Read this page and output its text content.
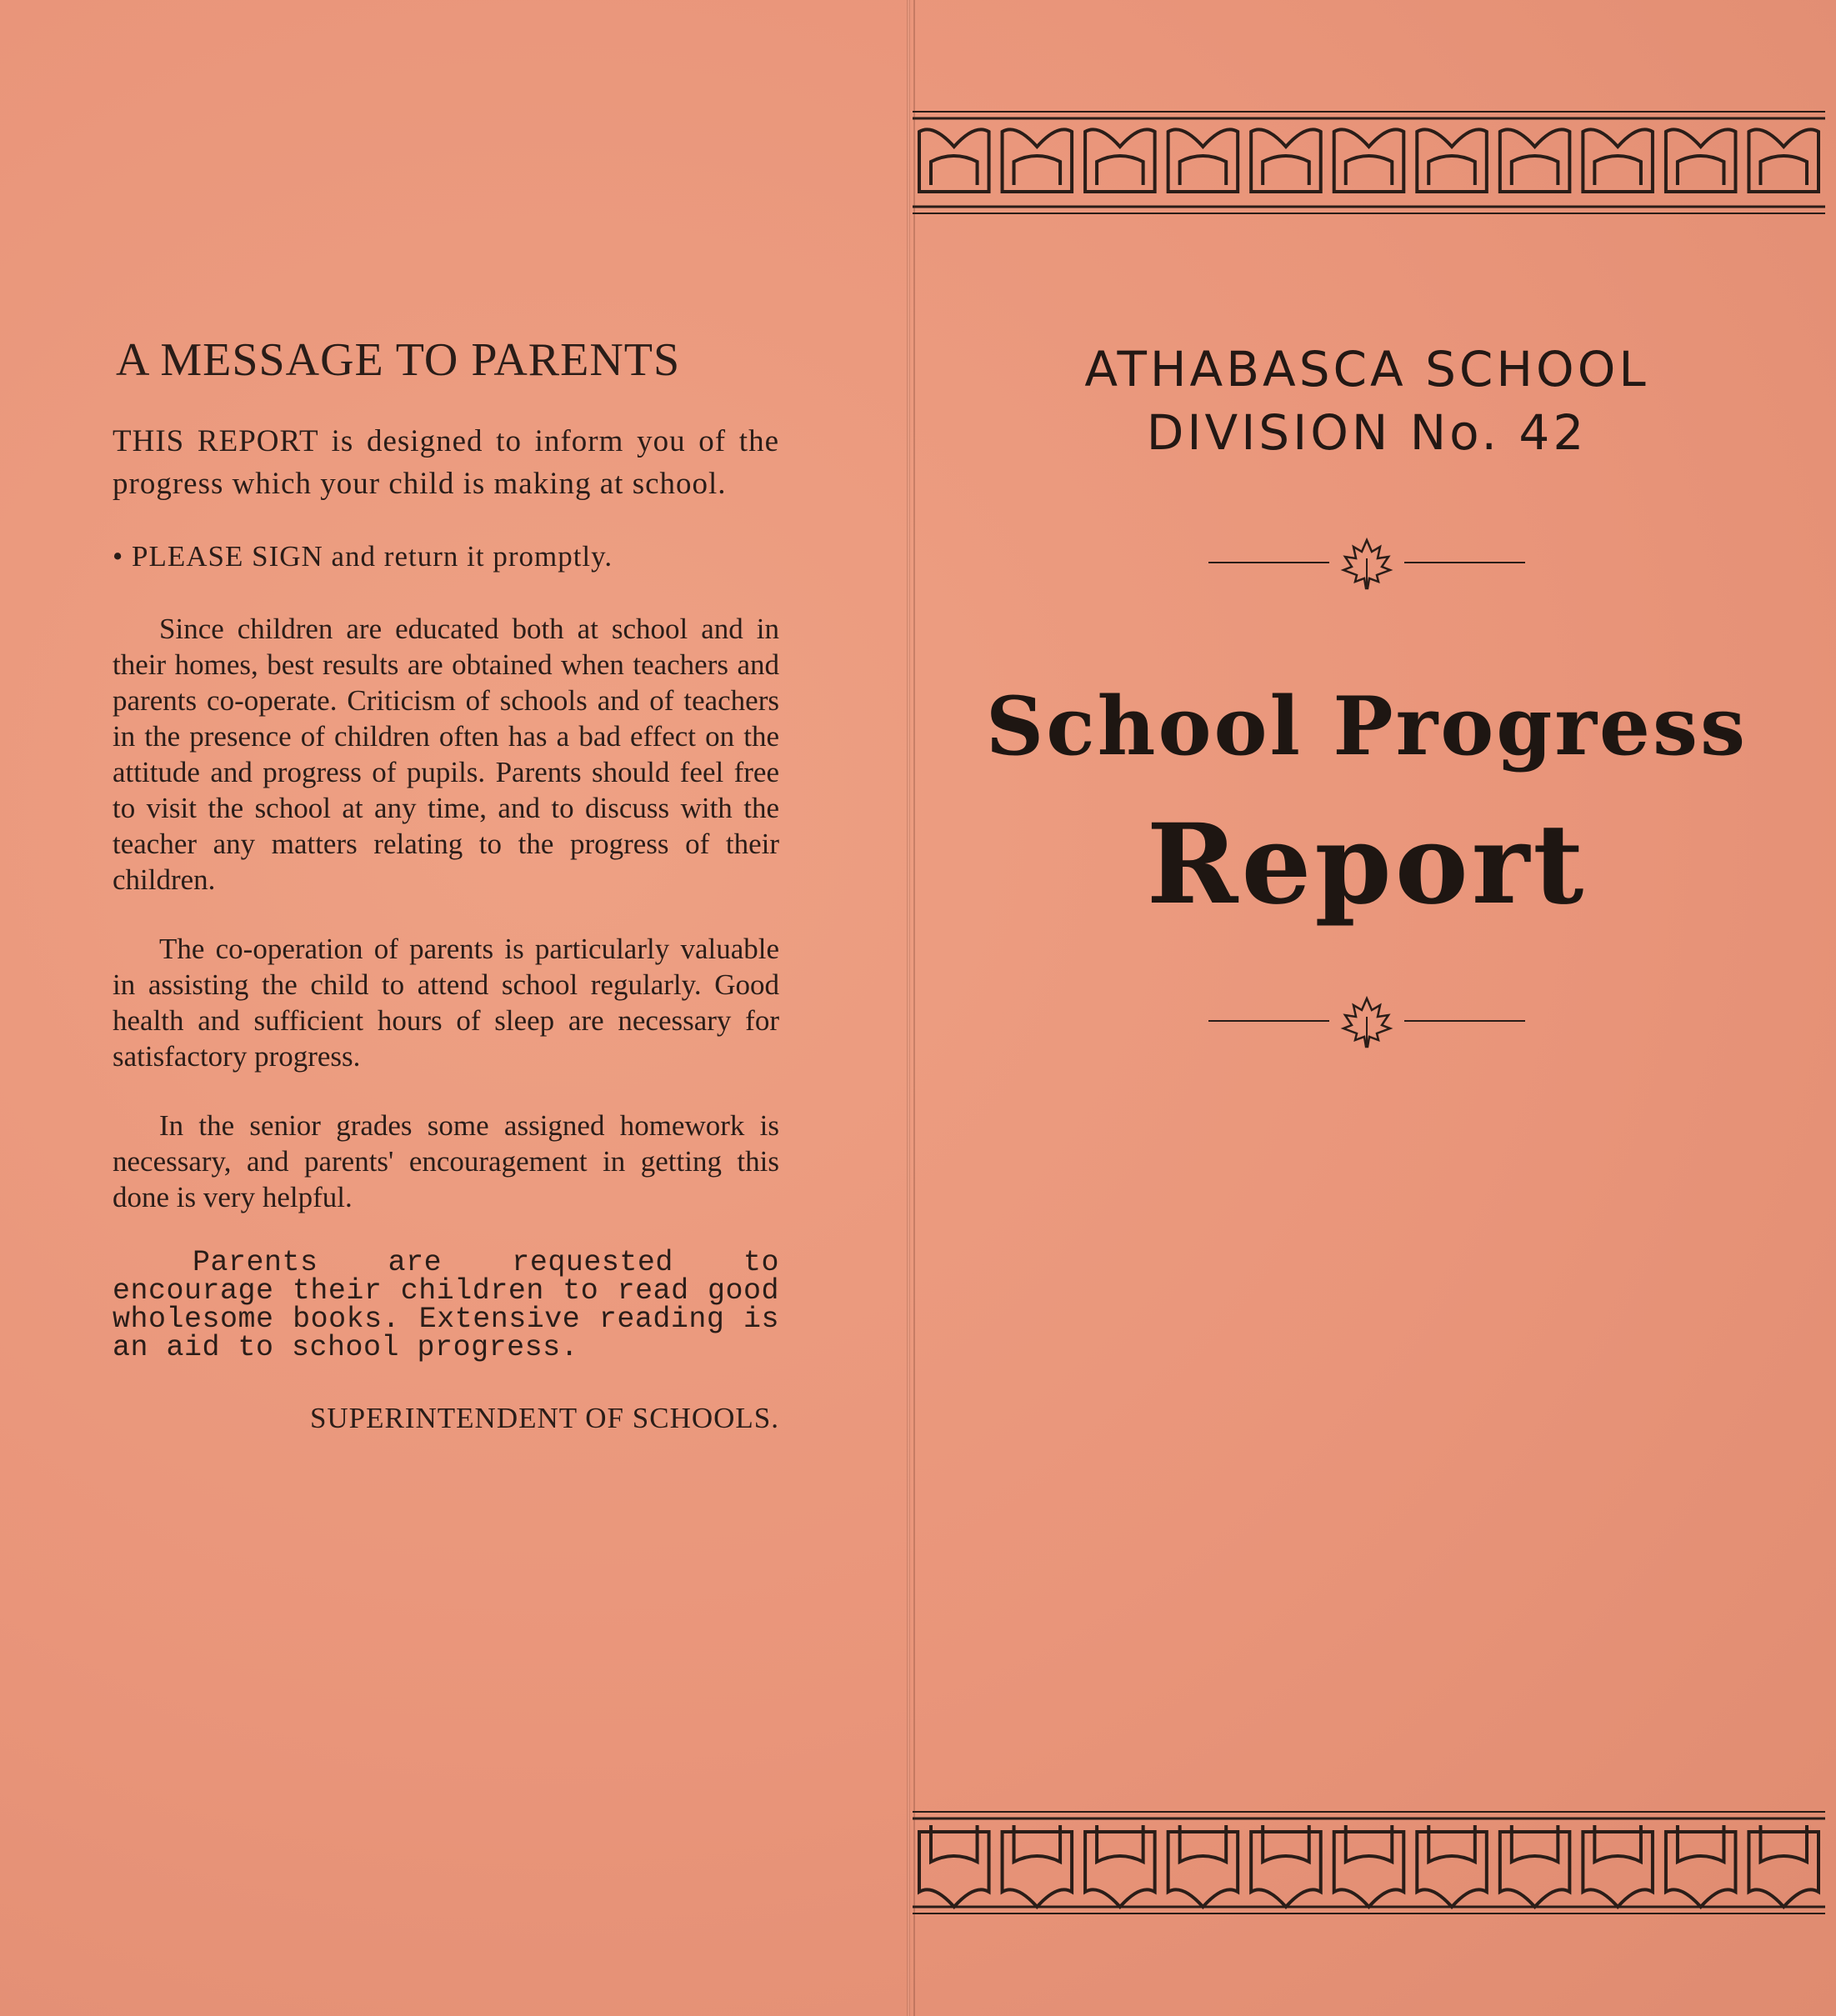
A MESSAGE TO PARENTS

THIS REPORT is designed to inform you of the progress which your child is making at school.

• PLEASE SIGN and return it promptly.

Since children are educated both at school and in their homes, best results are obtained when teachers and parents co-operate. Criticism of schools and of teachers in the presence of children often has a bad effect on the attitude and progress of pupils. Parents should feel free to visit the school at any time, and to discuss with the teacher any matters relating to the progress of their children.

The co-operation of parents is particularly valuable in assisting the child to attend school regularly. Good health and sufficient hours of sleep are necessary for satisfactory progress.

In the senior grades some assigned homework is necessary, and parents' encouragement in getting this done is very helpful.

Parents are requested to encourage their children to read good wholesome books. Extensive reading is an aid to school progress.

SUPERINTENDENT OF SCHOOLS.
ATHABASCA SCHOOL
DIVISION No. 42
School Progress
Report
